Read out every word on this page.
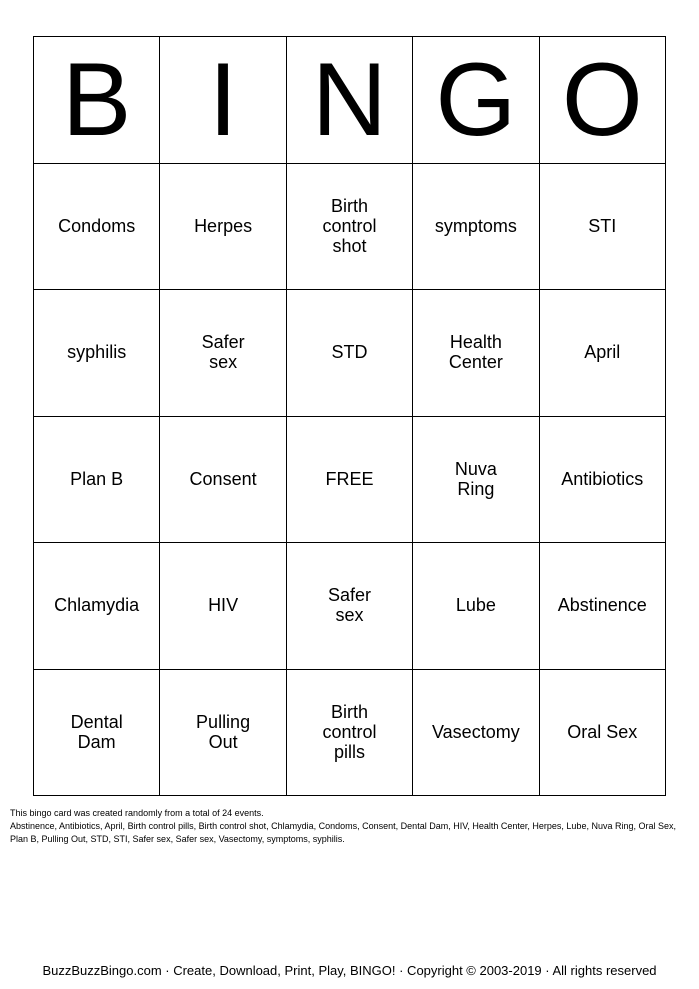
B	I	N	G	O
Condoms	Herpes	Birth control shot	symptoms	STI
syphilis	Safer sex	STD	Health Center	April
Plan B	Consent	FREE	Nuva Ring	Antibiotics
Chlamydia	HIV	Safer sex	Lube	Abstinence
Dental Dam	Pulling Out	Birth control pills	Vasectomy	Oral Sex
This bingo card was created randomly from a total of 24 events.
Abstinence, Antibiotics, April, Birth control pills, Birth control shot, Chlamydia, Condoms, Consent, Dental Dam, HIV, Health Center, Herpes, Lube, Nuva Ring, Oral Sex, Plan B, Pulling Out, STD, STI, Safer sex, Safer sex, Vasectomy, symptoms, syphilis.
BuzzBuzzBingo.com · Create, Download, Print, Play, BINGO! · Copyright © 2003-2019 · All rights reserved
